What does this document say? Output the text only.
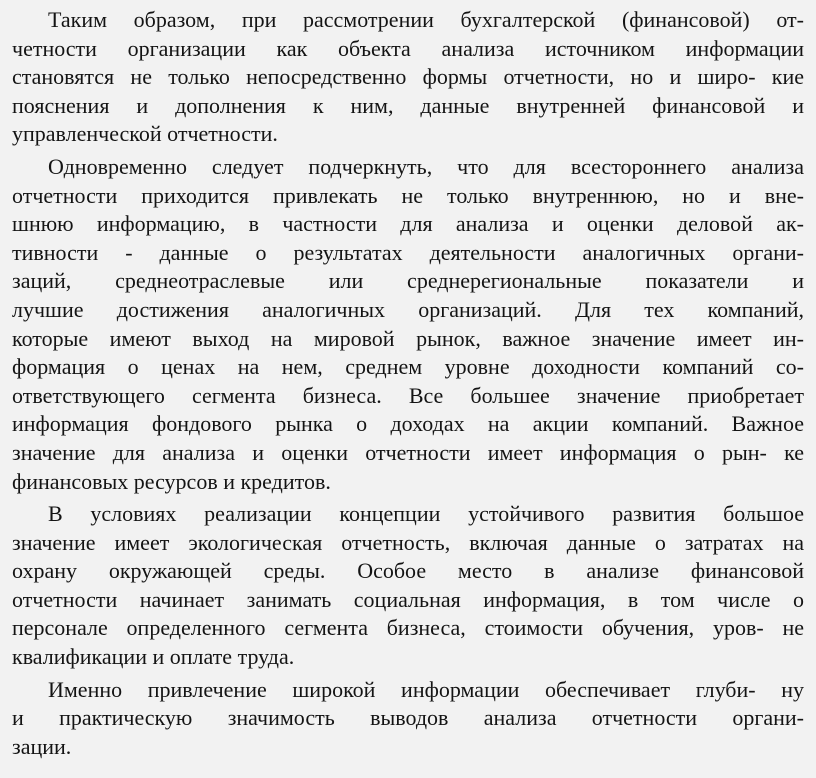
Таким образом, при рассмотрении бухгалтерской (финансовой) от-
четности организации как объекта анализа источником информации
становятся не только непосредственно формы отчетности, но и широ- кие
пояснения и дополнения к ним, данные внутренней финансовой и
управленческой отчетности.
Одновременно следует подчеркнуть, что для всестороннего анализа
отчетности приходится привлекать не только внутреннюю, но и вне-
шнюю информацию, в частности для анализа и оценки деловой ак-
тивности - данные о результатах деятельности аналогичных органи-
заций, среднеотраслевые или среднерегиональные показатели и
лучшие достижения аналогичных организаций. Для тех компаний,
которые имеют выход на мировой рынок, важное значение имеет ин-
формация о ценах на нем, среднем уровне доходности компаний со-
ответствующего сегмента бизнеса. Все большее значение приобретает
информация фондового рынка о доходах на акции компаний. Важное
значение для анализа и оценки отчетности имеет информация о рын- ке
финансовых ресурсов и кредитов.
В условиях реализации концепции устойчивого развития большое
значение имеет экологическая отчетность, включая данные о затратах на
охрану окружающей среды. Особое место в анализе финансовой
отчетности начинает занимать социальная информация, в том числе о
персонале определенного сегмента бизнеса, стоимости обучения, уров- не
квалификации и оплате труда.
Именно привлечение широкой информации обеспечивает глуби- ну
и практическую значимость выводов анализа отчетности органи-
зации.
